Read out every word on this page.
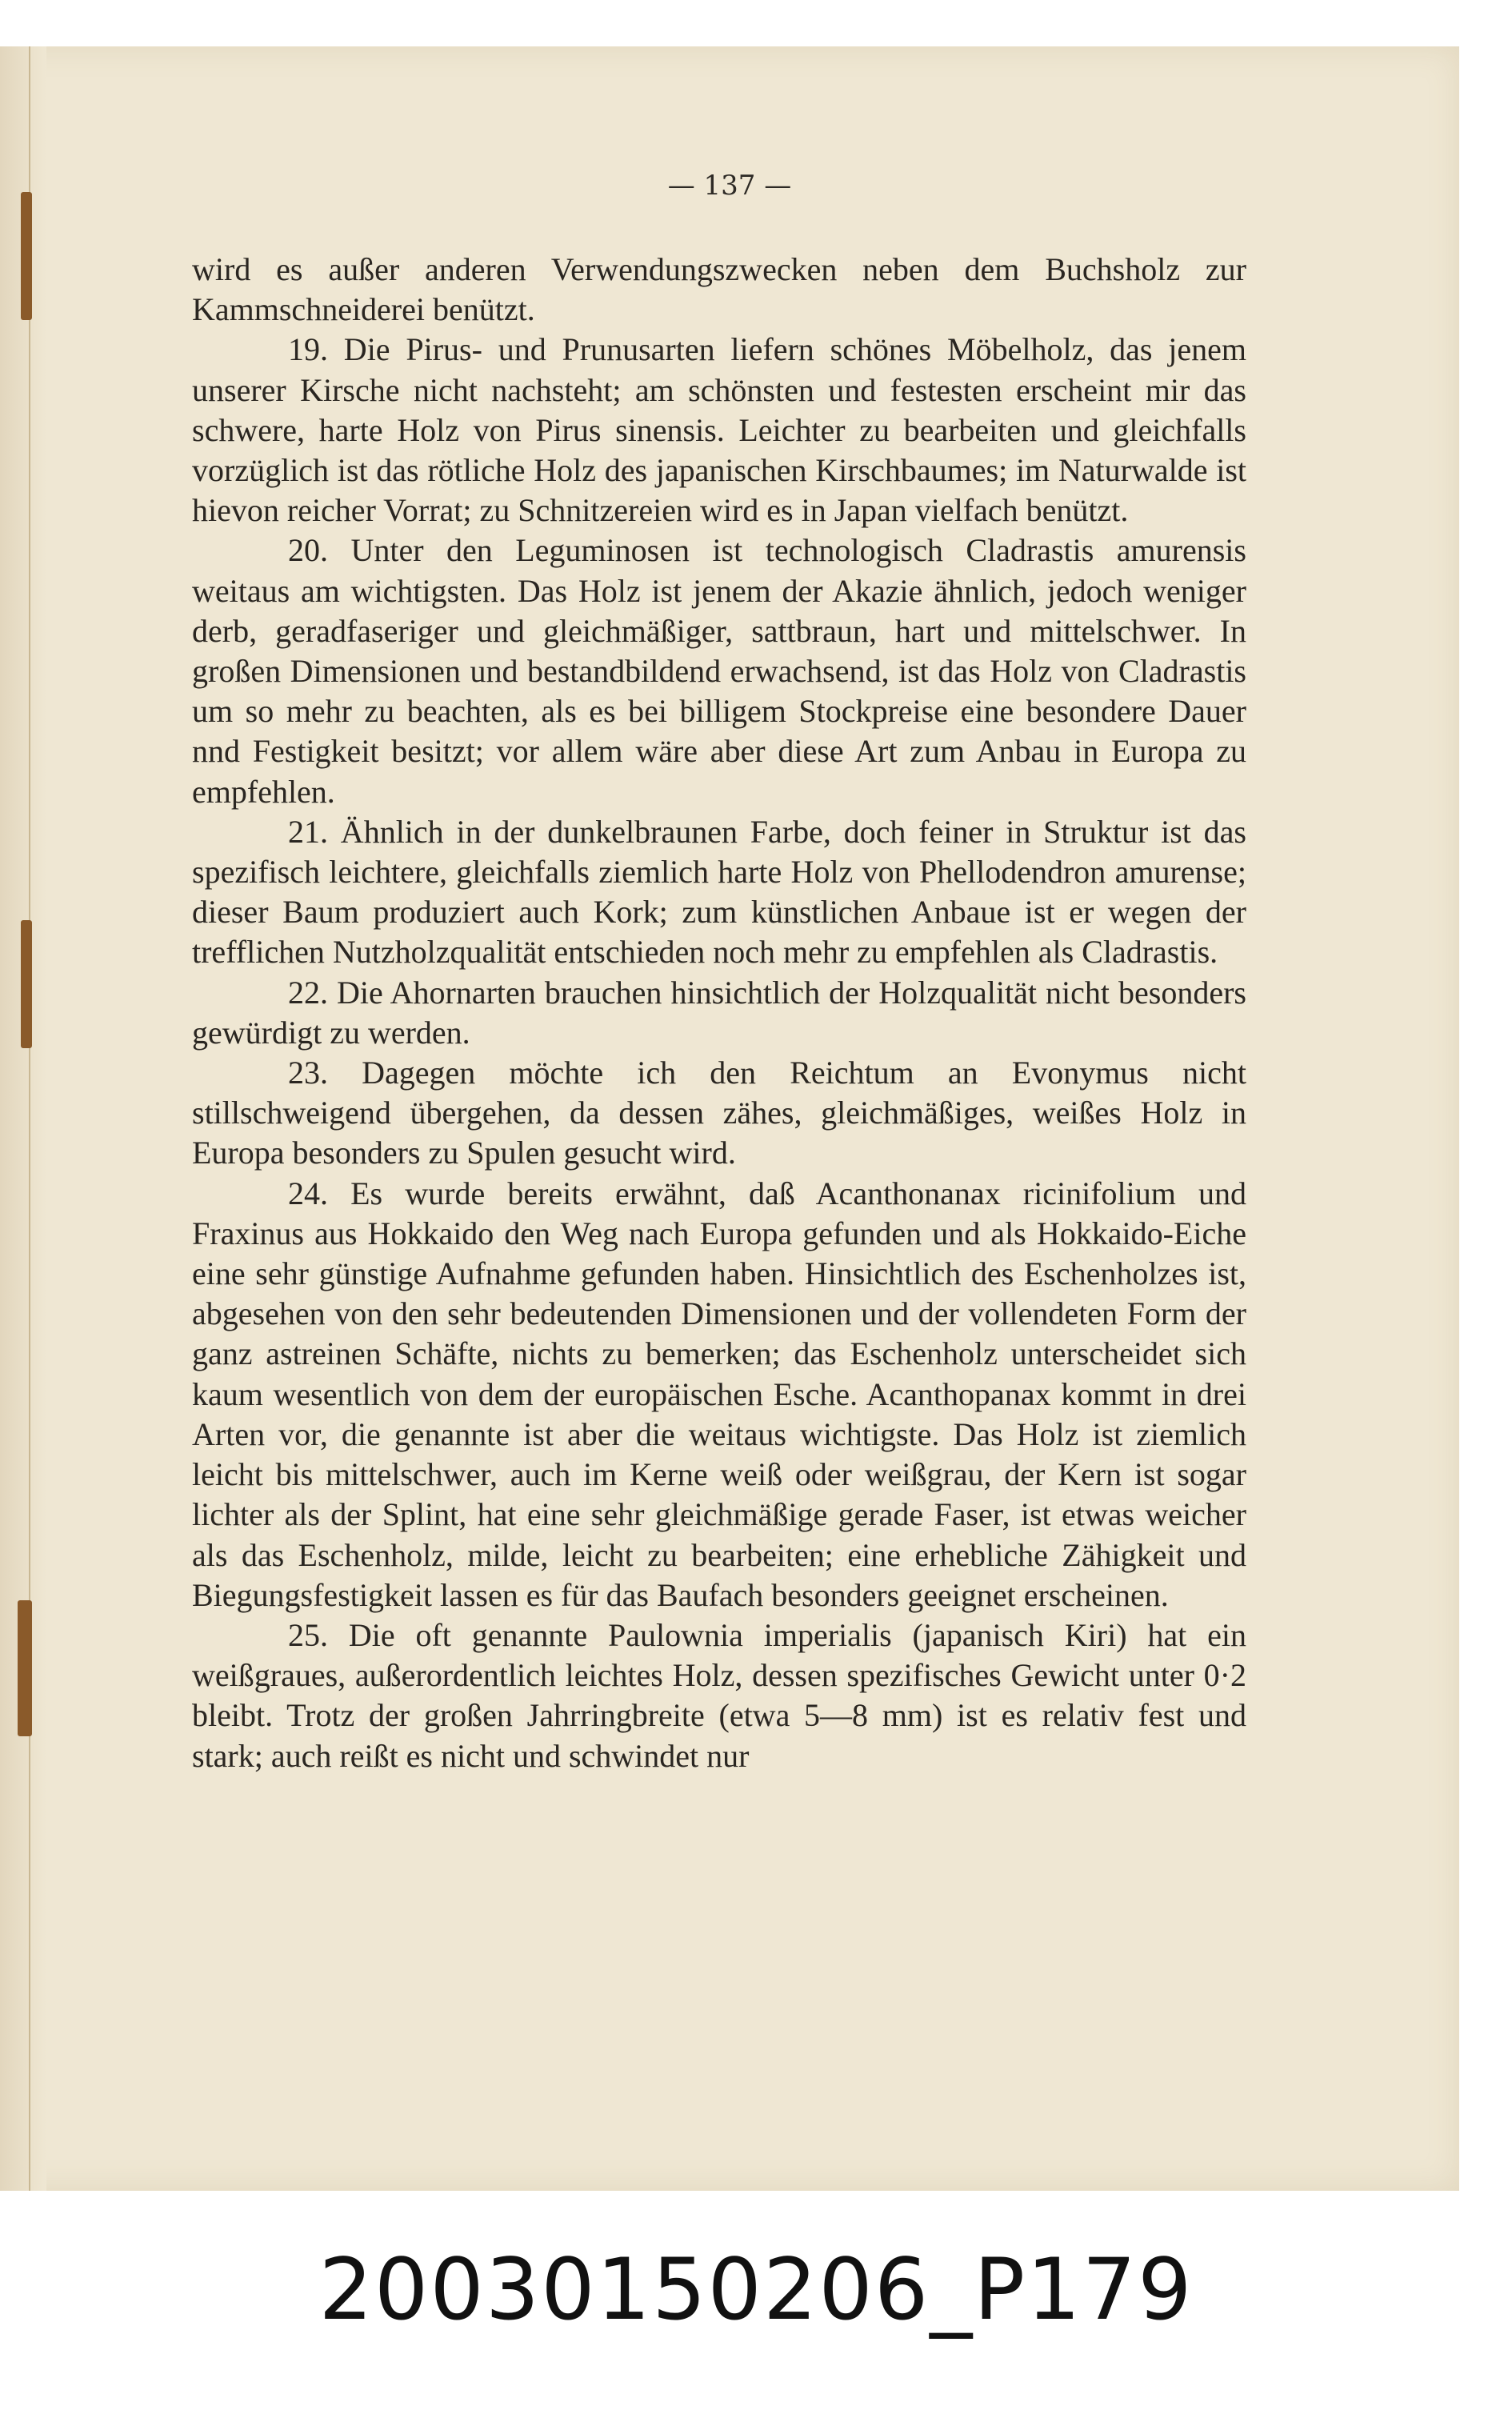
— 137 —

wird es außer anderen Verwendungszwecken neben dem Buchsholz zur Kammschneiderei benützt.

19. Die Pirus- und Prunusarten liefern schönes Möbelholz, das jenem unserer Kirsche nicht nachsteht; am schönsten und festesten erscheint mir das schwere, harte Holz von Pirus sinensis. Leichter zu bearbeiten und gleichfalls vorzüglich ist das rötliche Holz des japanischen Kirschbaumes; im Naturwalde ist hievon reicher Vorrat; zu Schnitzereien wird es in Japan vielfach benützt.

20. Unter den Leguminosen ist technologisch Cladrastis amurensis weitaus am wichtigsten. Das Holz ist jenem der Akazie ähnlich, jedoch weniger derb, geradfaseriger und gleichmäßiger, sattbraun, hart und mittelschwer. In großen Dimensionen und bestandbildend erwachsend, ist das Holz von Cladrastis um so mehr zu beachten, als es bei billigem Stockpreise eine besondere Dauer nnd Festigkeit besitzt; vor allem wäre aber diese Art zum Anbau in Europa zu empfehlen.

21. Ähnlich in der dunkelbraunen Farbe, doch feiner in Struktur ist das spezifisch leichtere, gleichfalls ziemlich harte Holz von Phellodendron amurense; dieser Baum produziert auch Kork; zum künstlichen Anbaue ist er wegen der trefflichen Nutzholzqualität entschieden noch mehr zu empfehlen als Cladrastis.

22. Die Ahornarten brauchen hinsichtlich der Holzqualität nicht besonders gewürdigt zu werden.

23. Dagegen möchte ich den Reichtum an Evonymus nicht stillschweigend übergehen, da dessen zähes, gleichmäßiges, weißes Holz in Europa besonders zu Spulen gesucht wird.

24. Es wurde bereits erwähnt, daß Acanthonanax ricinifolium und Fraxinus aus Hokkaido den Weg nach Europa gefunden und als Hokkaido-Eiche eine sehr günstige Aufnahme gefunden haben. Hinsichtlich des Eschenholzes ist, abgesehen von den sehr bedeutenden Dimensionen und der vollendeten Form der ganz astreinen Schäfte, nichts zu bemerken; das Eschenholz unterscheidet sich kaum wesentlich von dem der europäischen Esche. Acanthopanax kommt in drei Arten vor, die genannte ist aber die weitaus wichtigste. Das Holz ist ziemlich leicht bis mittelschwer, auch im Kerne weiß oder weißgrau, der Kern ist sogar lichter als der Splint, hat eine sehr gleichmäßige gerade Faser, ist etwas weicher als das Eschenholz, milde, leicht zu bearbeiten; eine erhebliche Zähigkeit und Biegungsfestigkeit lassen es für das Baufach besonders geeignet erscheinen.

25. Die oft genannte Paulownia imperialis (japanisch Kiri) hat ein weißgraues, außerordentlich leichtes Holz, dessen spezifisches Gewicht unter 0·2 bleibt. Trotz der großen Jahrringbreite (etwa 5—8 mm) ist es relativ fest und stark; auch reißt es nicht und schwindet nur

20030150206_P179
